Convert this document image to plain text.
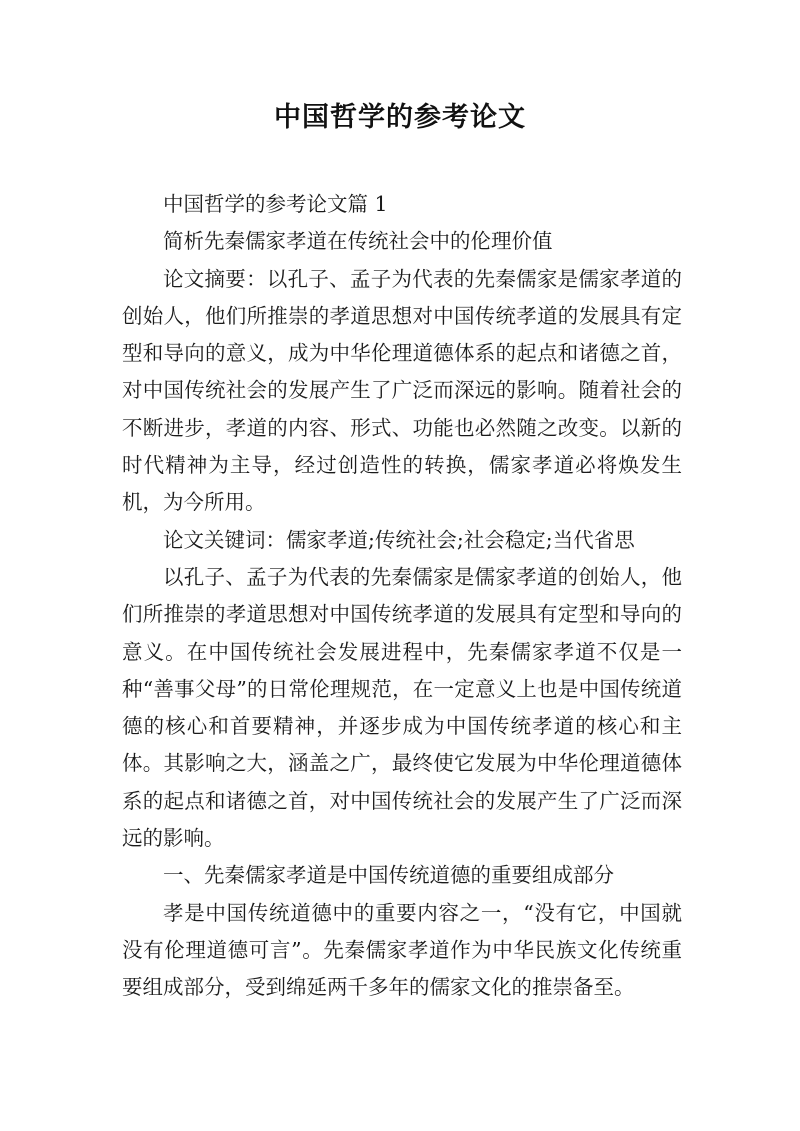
中国哲学的参考论文

中国哲学的参考论文篇 1

简析先秦儒家孝道在传统社会中的伦理价值

论文摘要：以孔子、孟子为代表的先秦儒家是儒家孝道的创始人，他们所推崇的孝道思想对中国传统孝道的发展具有定型和导向的意义，成为中华伦理道德体系的起点和诸德之首，对中国传统社会的发展产生了广泛而深远的影响。随着社会的不断进步，孝道的内容、形式、功能也必然随之改变。以新的时代精神为主导，经过创造性的转换，儒家孝道必将焕发生机，为今所用。

论文关键词：儒家孝道;传统社会;社会稳定;当代省思

以孔子、孟子为代表的先秦儒家是儒家孝道的创始人，他们所推崇的孝道思想对中国传统孝道的发展具有定型和导向的意义。在中国传统社会发展进程中，先秦儒家孝道不仅是一种“善事父母”的日常伦理规范，在一定意义上也是中国传统道德的核心和首要精神，并逐步成为中国传统孝道的核心和主体。其影响之大，涵盖之广，最终使它发展为中华伦理道德体系的起点和诸德之首，对中国传统社会的发展产生了广泛而深远的影响。

一、先秦儒家孝道是中国传统道德的重要组成部分

孝是中国传统道德中的重要内容之一，“没有它，中国就没有伦理道德可言”。先秦儒家孝道作为中华民族文化传统重要组成部分，受到绵延两千多年的儒家文化的推崇备至。
